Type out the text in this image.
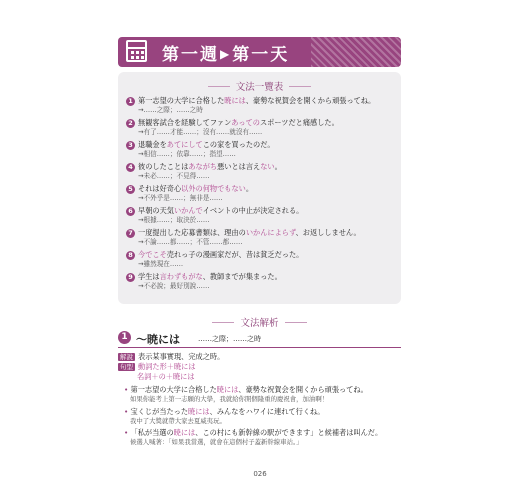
第一週▶第一天
文法一覽表
1 第一志望の大学に合格した暁には、豪勢な祝賀会を開くから頑張ってね。
→……之際；……之時
2 無観客試合を経験してファンあってのスポーツだと痛感した。
→有了……才能……；沒有……就沒有……
3 退職金をあてにしてこの家を買ったのだ。
→相信……；依靠……；指望……
4 彼のしたことはあながち悪いとは言えない。
→未必……；不見得……
5 それは好奇心以外の何物でもない。
→不外乎是……；無非是……
6 早朝の天気いかんでイベントの中止が決定される。
→根據……；取決於……
7 一度提出した応募書類は、理由のいかんによらず、お返ししません。
→不論……都……；不管……都……
8 今でこそ売れっ子の漫画家だが、昔は貧乏だった。
→雖然現在……
9 学生は言わずもがな、教師までが集まった。
→不必說；最好別說……
文法解析
1 ～暁には	……之際；……之時
解說 表示某事實現、完成之時。
句型 動詞た形＋暁には
名詞＋の＋暁には
• 第一志望の大学に合格した暁には、豪勢な祝賀会を開くから頑張ってね。
如果你能考上第一志願的大學，我就給你開個隆重的慶祝會，加油啊！
• 宝くじが当たった暁には、みんなをハワイに連れて行くね。
我中了大獎就帶大家去夏威夷玩。
• 「私が当選の暁には、この村にも新幹線の駅ができます」と候補者は叫んだ。
候選人喊著：「如果我當選，就會在這個村子蓋新幹線車站。」
026
